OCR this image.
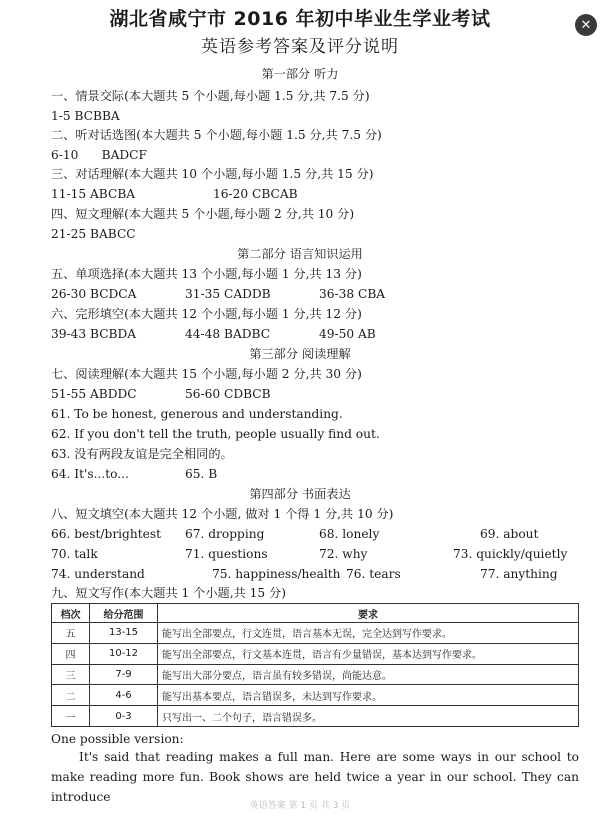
✕
湖北省咸宁市 2016 年初中毕业生学业考试
英语参考答案及评分说明
第一部分 听力
一、情景交际(本大题共 5 个小题,每小题 1.5 分,共 7.5 分)
1-5 BCBBA
二、听对话选图(本大题共 5 个小题,每小题 1.5 分,共 7.5 分)
6-10      BADCF
三、对话理解(本大题共 10 个小题,每小题 1.5 分,共 15 分)
11-15 ABCBA	16-20 CBCAB
四、短文理解(本大题共 5 个小题,每小题 2 分,共 10 分)
21-25 BABCC
第二部分 语言知识运用
五、单项选择(本大题共 13 个小题,每小题 1 分,共 13 分)
26-30 BCDCA	31-35 CADDB	36-38 CBA
六、完形填空(本大题共 12 个小题,每小题 1 分,共 12 分)
39-43 BCBDA	44-48 BADBC	49-50 AB
第三部分 阅读理解
七、阅读理解(本大题共 15 个小题,每小题 2 分,共 30 分)
51-55 ABDDC	56-60 CDBCB
61. To be honest, generous and understanding.
62. If you don't tell the truth, people usually find out.
63. 没有两段友谊是完全相同的。
64. It's...to...	65. B
第四部分 书面表达
八、短文填空(本大题共 12 个小题, 做对 1 个得 1 分,共 10 分)
66. best/brightest 67. dropping	68. lonely	69. about
70. talk	71. questions	72. why	73. quickly/quietly
74. understand	75. happiness/health 76. tears	77. anything
九、短文写作(本大题共 1 个小题,共 15 分)
档次	给分范围	要求
五	13-15	能写出全部要点，行文连贯，语言基本无误，完全达到写作要求。
四	10-12	能写出全部要点，行文基本连贯，语言有少量错误，基本达到写作要求。
三	7-9	能写出大部分要点，语言虽有较多错误，尚能达意。
二	4-6	能写出基本要点，语言错误多，未达到写作要求。
一	0-3	只写出一、二个句子，语言错误多。
One possible version:
It's said that reading makes a full man. Here are some ways in our school to make reading more fun. Book shows are held twice a year in our school. They can introduce
英语答案 第 1 页 共 3 页
